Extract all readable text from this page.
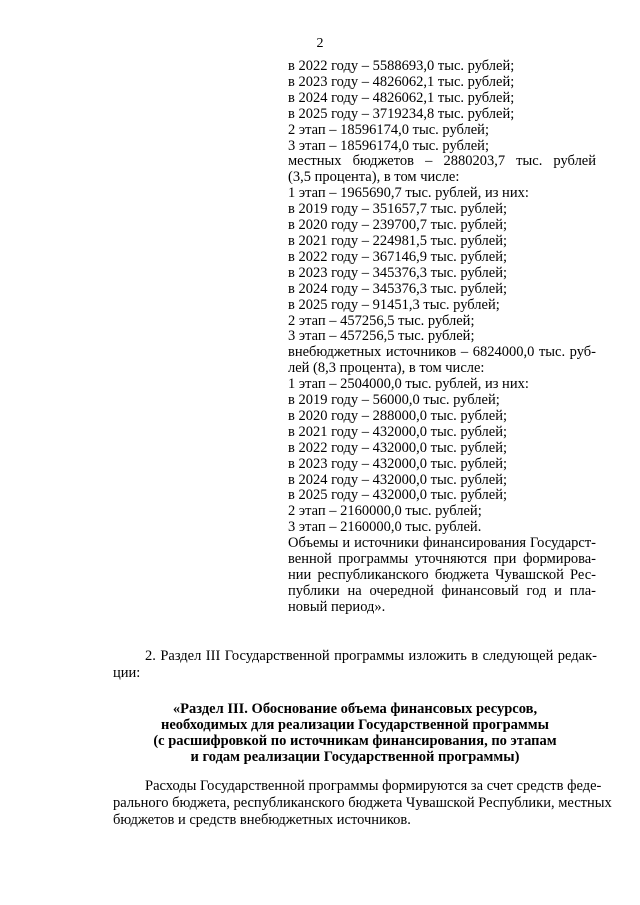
2
в 2022 году – 5588693,0 тыс. рублей;
в 2023 году – 4826062,1 тыс. рублей;
в 2024 году – 4826062,1 тыс. рублей;
в 2025 году – 3719234,8 тыс. рублей;
2 этап – 18596174,0 тыс. рублей;
3 этап – 18596174,0 тыс. рублей;
местных бюджетов – 2880203,7 тыс. рублей
(3,5 процента), в том числе:
1 этап – 1965690,7 тыс. рублей, из них:
в 2019 году – 351657,7 тыс. рублей;
в 2020 году – 239700,7 тыс. рублей;
в 2021 году – 224981,5 тыс. рублей;
в 2022 году – 367146,9 тыс. рублей;
в 2023 году – 345376,3 тыс. рублей;
в 2024 году – 345376,3 тыс. рублей;
в 2025 году – 91451,3 тыс. рублей;
2 этап – 457256,5 тыс. рублей;
3 этап – 457256,5 тыс. рублей;
внебюджетных источников – 6824000,0 тыс. руб-
лей (8,3 процента), в том числе:
1 этап – 2504000,0 тыс. рублей, из них:
в 2019 году – 56000,0 тыс. рублей;
в 2020 году – 288000,0 тыс. рублей;
в 2021 году – 432000,0 тыс. рублей;
в 2022 году – 432000,0 тыс. рублей;
в 2023 году – 432000,0 тыс. рублей;
в 2024 году – 432000,0 тыс. рублей;
в 2025 году – 432000,0 тыс. рублей;
2 этап – 2160000,0 тыс. рублей;
3 этап – 2160000,0 тыс. рублей.
Объемы и источники финансирования Государст-
венной программы уточняются при формирова-
нии республиканского бюджета Чувашской Рес-
публики на очередной финансовый год и пла-
новый период».
2. Раздел III Государственной программы изложить в следующей редак-
ции:
«Раздел III. Обоснование объема финансовых ресурсов,
необходимых для реализации Государственной программы
(с расшифровкой по источникам финансирования, по этапам
и годам реализации Государственной программы)
Расходы Государственной программы формируются за счет средств феде-
рального бюджета, республиканского бюджета Чувашской Республики, местных
бюджетов и средств внебюджетных источников.
